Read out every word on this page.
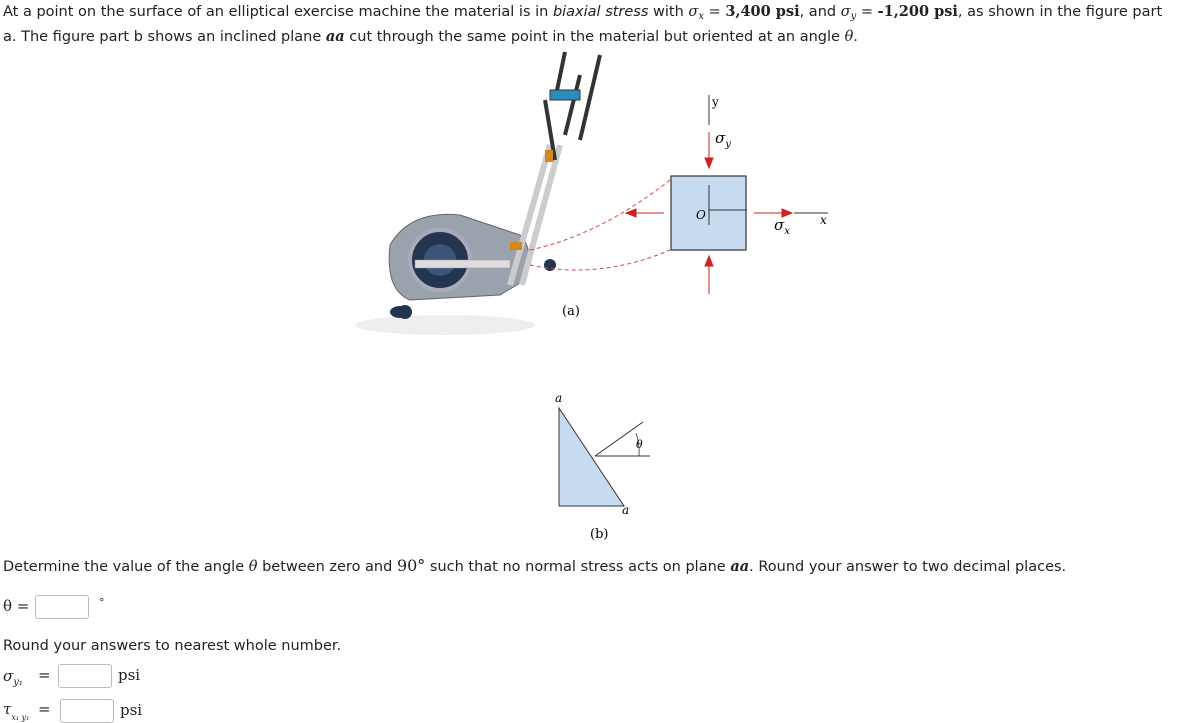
At a point on the surface of an elliptical exercise machine the material is in biaxial stress with $\sigma_x = 3,400$ psi, and $\sigma_y = -1,200$ psi, as shown in the figure part a. The figure part b shows an inclined plane aa cut through the same point in the material but oriented at an angle θ.
y
x
O
$\sigma_y$
$\sigma_x$
(a)
a
a
θ
(b)
Determine the value of the angle θ between zero and 90° such that no normal stress acts on plane aa. Round your answer to two decimal places.
θ =	°
Round your answers to nearest whole number.
$\sigma_{y_1}$ =	psi
$\tau_{x_1 y_1}$ =	psi
